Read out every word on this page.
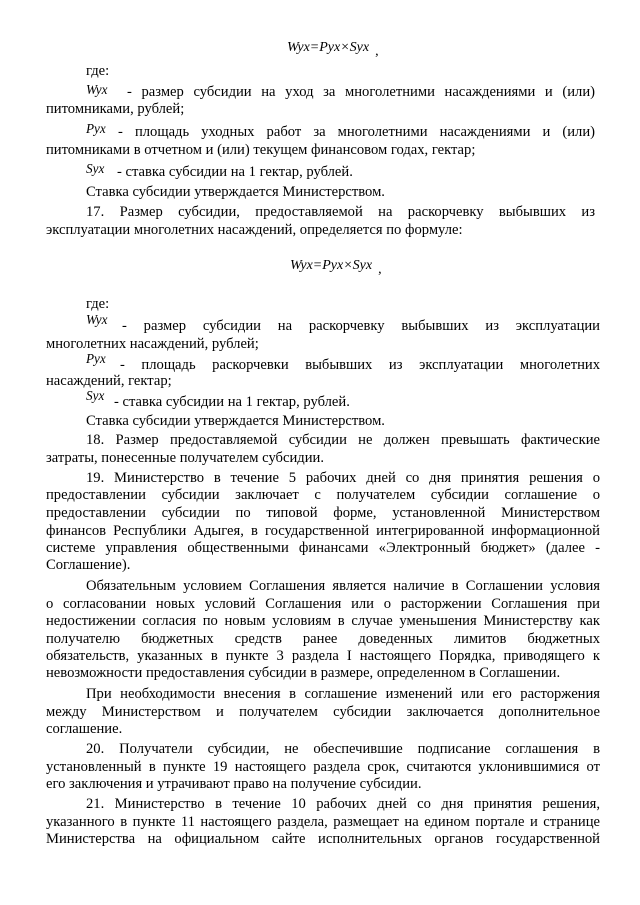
Wyx=Pyx×Syx ,
где:
Wyx - размер субсидии на уход за многолетними насаждениями и (или)
питомниками, рублей;
Pyx - площадь уходных работ за многолетними насаждениями и (или)
питомниками в отчетном и (или) текущем финансовом годах, гектар;
Syx - ставка субсидии на 1 гектар, рублей.
Ставка субсидии утверждается Министерством.
17. Размер субсидии, предоставляемой на раскорчевку выбывших из
эксплуатации многолетних насаждений, определяется по формуле:
Wyx=Pyx×Syx ,
где:
Wyx - размер субсидии на раскорчевку выбывших из эксплуатации
многолетних насаждений, рублей;
Pyx - площадь раскорчевки выбывших из эксплуатации многолетних
насаждений, гектар;
Syx - ставка субсидии на 1 гектар, рублей.
Ставка субсидии утверждается Министерством.
18. Размер предоставляемой субсидии не должен превышать фактические
затраты, понесенные получателем субсидии.
19. Министерство в течение 5 рабочих дней со дня принятия решения о
предоставлении субсидии заключает с получателем субсидии соглашение о
предоставлении субсидии по типовой форме, установленной Министерством
финансов Республики Адыгея, в государственной интегрированной информационной
системе управления общественными финансами «Электронный бюджет» (далее -
Соглашение).
Обязательным условием Соглашения является наличие в Соглашении условия
о согласовании новых условий Соглашения или о расторжении Соглашения при
недостижении согласия по новым условиям в случае уменьшения Министерству как
получателю бюджетных средств ранее доведенных лимитов бюджетных
обязательств, указанных в пункте 3 раздела I настоящего Порядка, приводящего к
невозможности предоставления субсидии в размере, определенном в Соглашении.
При необходимости внесения в соглашение изменений или его расторжения
между Министерством и получателем субсидии заключается дополнительное
соглашение.
20. Получатели субсидии, не обеспечившие подписание соглашения в
установленный в пункте 19 настоящего раздела срок, считаются уклонившимися от
его заключения и утрачивают право на получение субсидии.
21. Министерство в течение 10 рабочих дней со дня принятия решения,
указанного в пункте 11 настоящего раздела, размещает на едином портале и странице
Министерства на официальном сайте исполнительных органов государственной
